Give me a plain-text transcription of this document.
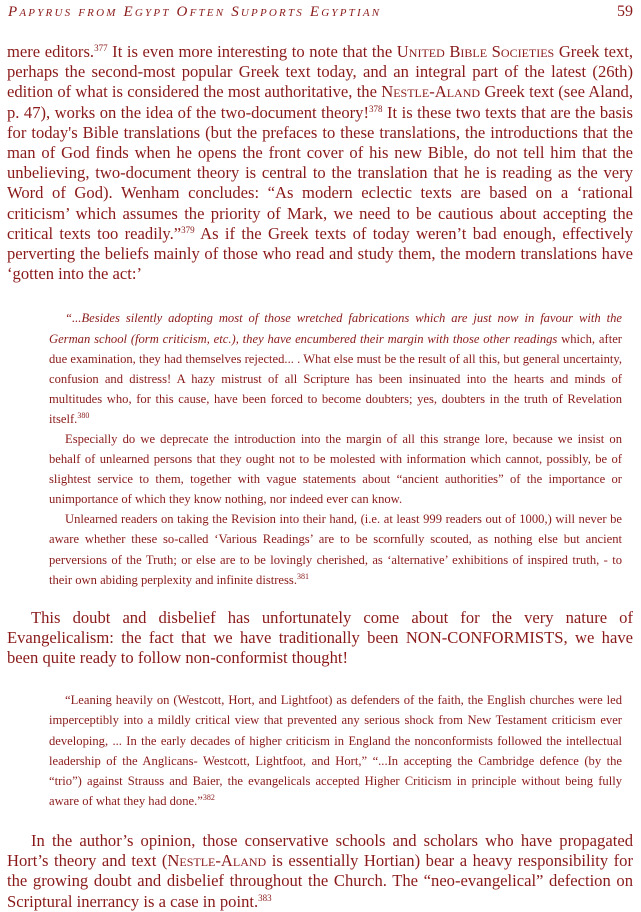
Papyrus from Egypt Often Supports Egyptian	59

mere editors.$^{377}$ It is even more interesting to note that the United Bible Societies Greek text, perhaps the second-most popular Greek text today, and an integral part of the latest (26th) edition of what is considered the most authoritative, the Nestle-Aland Greek text (see Aland, p. 47), works on the idea of the two-document theory!$^{378}$ It is these two texts that are the basis for today's Bible translations (but the prefaces to these translations, the introductions that the man of God finds when he opens the front cover of his new Bible, do not tell him that the unbelieving, two-document theory is central to the translation that he is reading as the very Word of God). Wenham concludes: “As modern eclectic texts are based on a ‘rational criticism’ which assumes the priority of Mark, we need to be cautious about accepting the critical texts too readily.”$^{379}$ As if the Greek texts of today weren’t bad enough, effectively perverting the beliefs mainly of those who read and study them, the modern translations have ‘gotten into the act:’

“...Besides silently adopting most of those wretched fabrications which are just now in favour with the German school (form criticism, etc.), they have encumbered their margin with those other readings which, after due examination, they had themselves rejected... . What else must be the result of all this, but general uncertainty, confusion and distress! A hazy mistrust of all Scripture has been insinuated into the hearts and minds of multitudes who, for this cause, have been forced to become doubters; yes, doubters in the truth of Revelation itself.$^{380}$

Especially do we deprecate the introduction into the margin of all this strange lore, because we insist on behalf of unlearned persons that they ought not to be molested with information which cannot, possibly, be of slightest service to them, together with vague statements about “ancient authorities” of the importance or unimportance of which they know nothing, nor indeed ever can know.

Unlearned readers on taking the Revision into their hand, (i.e. at least 999 readers out of 1000,) will never be aware whether these so-called ‘Various Readings’ are to be scornfully scouted, as nothing else but ancient perversions of the Truth; or else are to be lovingly cherished, as ‘alternative’ exhibitions of inspired truth, - to their own abiding perplexity and infinite distress.$^{381}$

This doubt and disbelief has unfortunately come about for the very nature of Evangelicalism: the fact that we have traditionally been NON-CONFORMISTS, we have been quite ready to follow non-conformist thought!

“Leaning heavily on (Westcott, Hort, and Lightfoot) as defenders of the faith, the English churches were led imperceptibly into a mildly critical view that prevented any serious shock from New Testament criticism ever developing, ... In the early decades of higher criticism in England the nonconformists followed the intellectual leadership of the Anglicans- Westcott, Lightfoot, and Hort,” “...In accepting the Cambridge defence (by the “trio”) against Strauss and Baier, the evangelicals accepted Higher Criticism in principle without being fully aware of what they had done.”$^{382}$

In the author’s opinion, those conservative schools and scholars who have propagated Hort’s theory and text (Nestle-Aland is essentially Hortian) bear a heavy responsibility for the growing doubt and disbelief throughout the Church. The “neo-evangelical” defection on Scriptural inerrancy is a case in point.$^{383}$
